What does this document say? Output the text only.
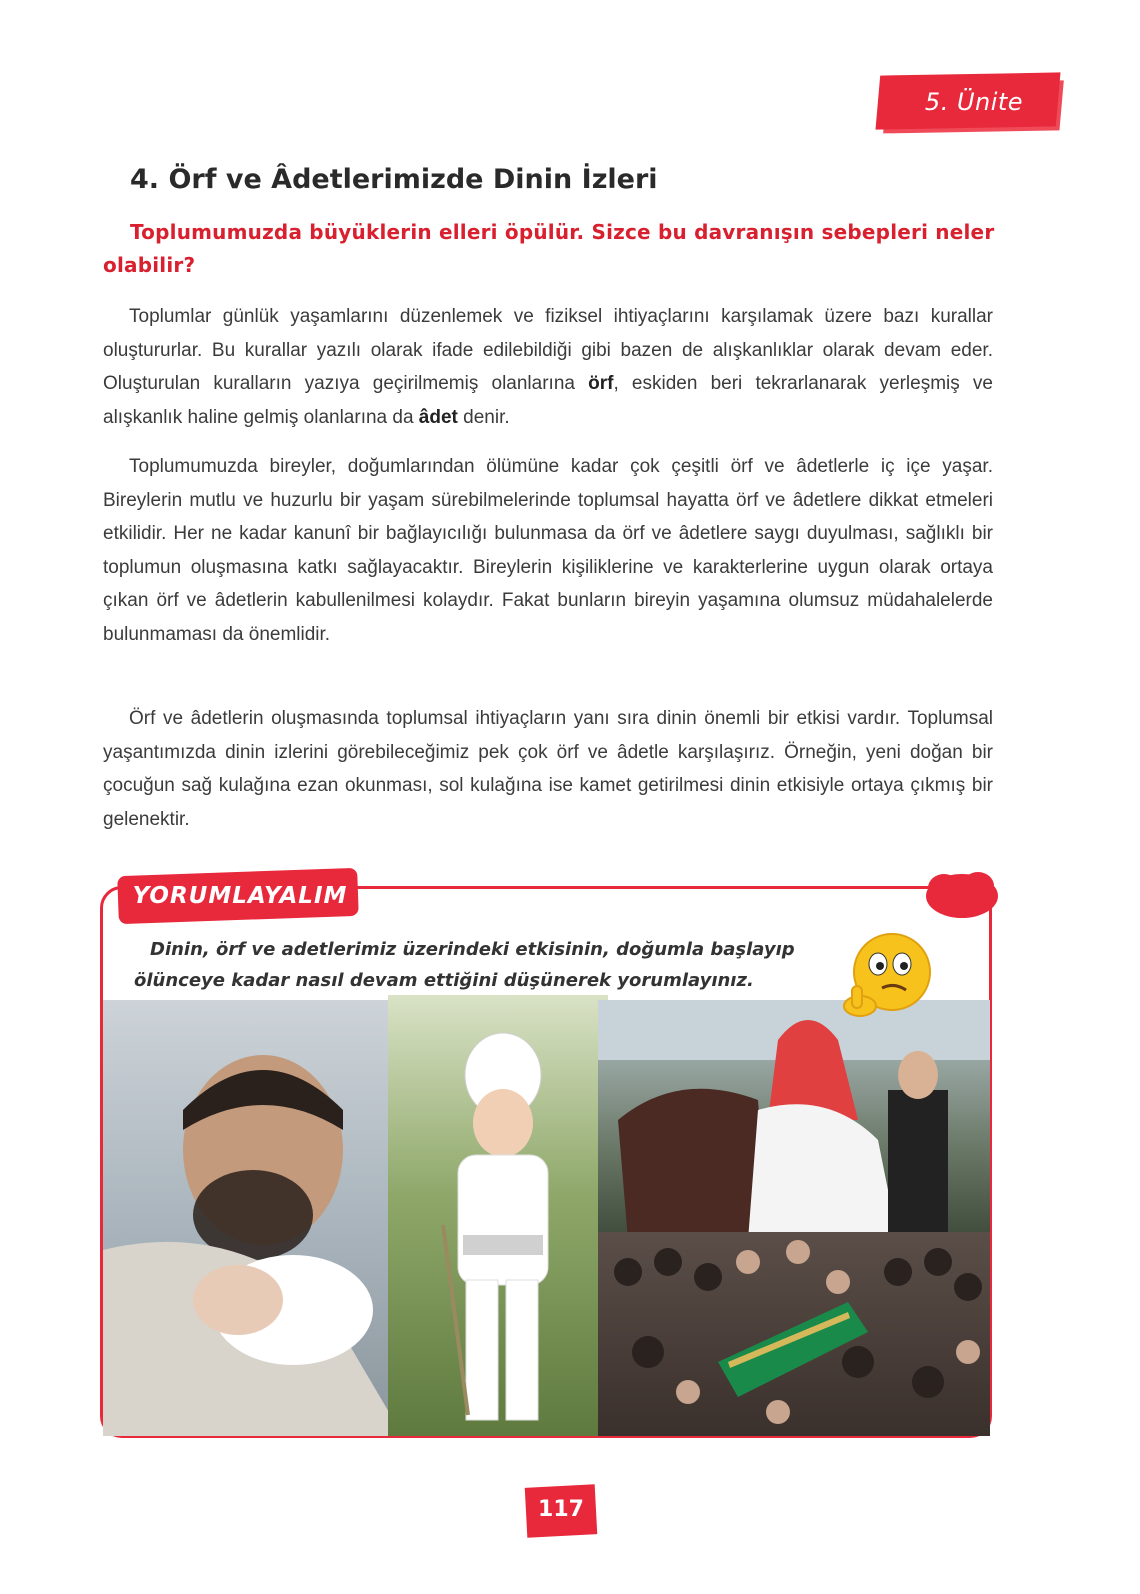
5. Ünite
4. Örf ve Âdetlerimizde Dinin İzleri

Toplumumuzda büyüklerin elleri öpülür. Sizce bu davranışın sebepleri neler olabilir?

Toplumlar günlük yaşamlarını düzenlemek ve fiziksel ihtiyaçlarını karşılamak üzere bazı kurallar oluştururlar. Bu kurallar yazılı olarak ifade edilebildiği gibi bazen de alışkanlıklar olarak devam eder. Oluşturulan kuralların yazıya geçirilmemiş olanlarına örf, eskiden beri tekrarlanarak yerleşmiş ve alışkanlık haline gelmiş olanlarına da âdet denir.

Toplumumuzda bireyler, doğumlarından ölümüne kadar çok çeşitli örf ve âdetlerle iç içe yaşar. Bireylerin mutlu ve huzurlu bir yaşam sürebilmelerinde toplumsal hayatta örf ve âdetlere dikkat etmeleri etkilidir. Her ne kadar kanunî bir bağlayıcılığı bulunmasa da örf ve âdetlere saygı duyulması, sağlıklı bir toplumun oluşmasına katkı sağlayacaktır. Bireylerin kişiliklerine ve karakterlerine uygun olarak ortaya çıkan örf ve âdetlerin kabullenilmesi kolaydır. Fakat bunların bireyin yaşamına olumsuz müdahalelerde bulunmaması da önemlidir.

Örf ve âdetlerin oluşmasında toplumsal ihtiyaçların yanı sıra dinin önemli bir etkisi vardır. Toplumsal yaşantımızda dinin izlerini görebileceğimiz pek çok örf ve âdetle karşılaşırız. Örneğin, yeni doğan bir çocuğun sağ kulağına ezan okunması, sol kulağına ise kamet getirilmesi dinin etkisiyle ortaya çıkmış bir gelenektir.

YORUMLAYALIM

Dinin, örf ve adetlerimiz üzerindeki etkisinin, doğumla başlayıp ölünceye kadar nasıl devam ettiğini düşünerek yorumlayınız.

117
